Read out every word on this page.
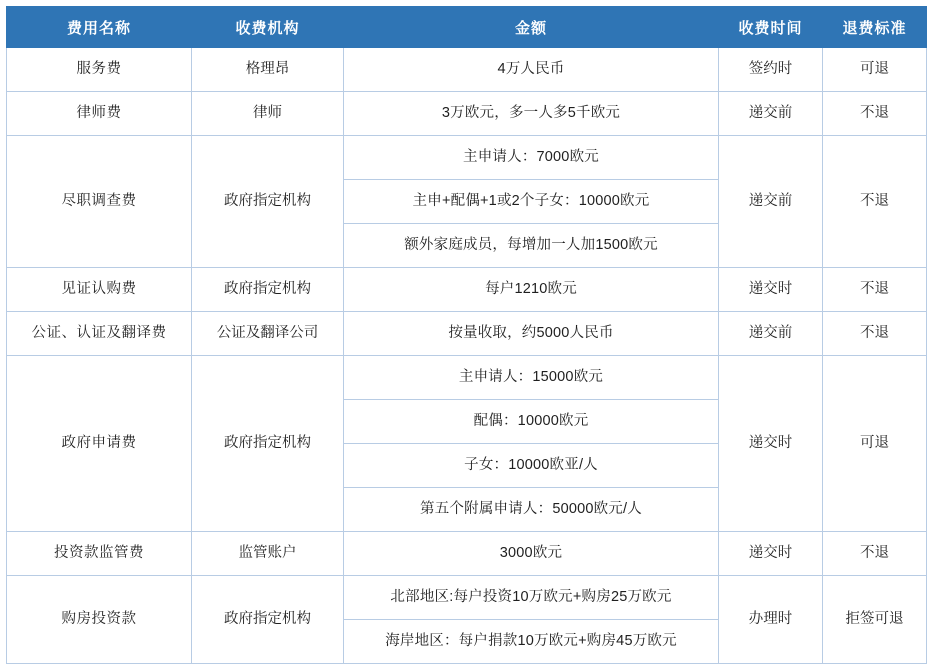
费用名称	收费机构	金额	收费时间	退费标准
服务费	格理昂	4万人民币	签约时	可退
律师费	律师	3万欧元，多一人多5千欧元	递交前	不退
尽职调查费	政府指定机构	主申请人：7000欧元	递交前	不退
		主申+配偶+1或2个子女：10000欧元		
		额外家庭成员，每增加一人加1500欧元		
见证认购费	政府指定机构	每户1210欧元	递交时	不退
公证、认证及翻译费	公证及翻译公司	按量收取，约5000人民币	递交前	不退
政府申请费	政府指定机构	主申请人：15000欧元	递交时	可退
		配偶：10000欧元		
		子女：10000欧亚/人		
		第五个附属申请人：50000欧元/人		
投资款监管费	监管账户	3000欧元	递交时	不退
购房投资款	政府指定机构	北部地区:每户投资10万欧元+购房25万欧元	办理时	拒签可退
		海岸地区：每户捐款10万欧元+购房45万欧元		
